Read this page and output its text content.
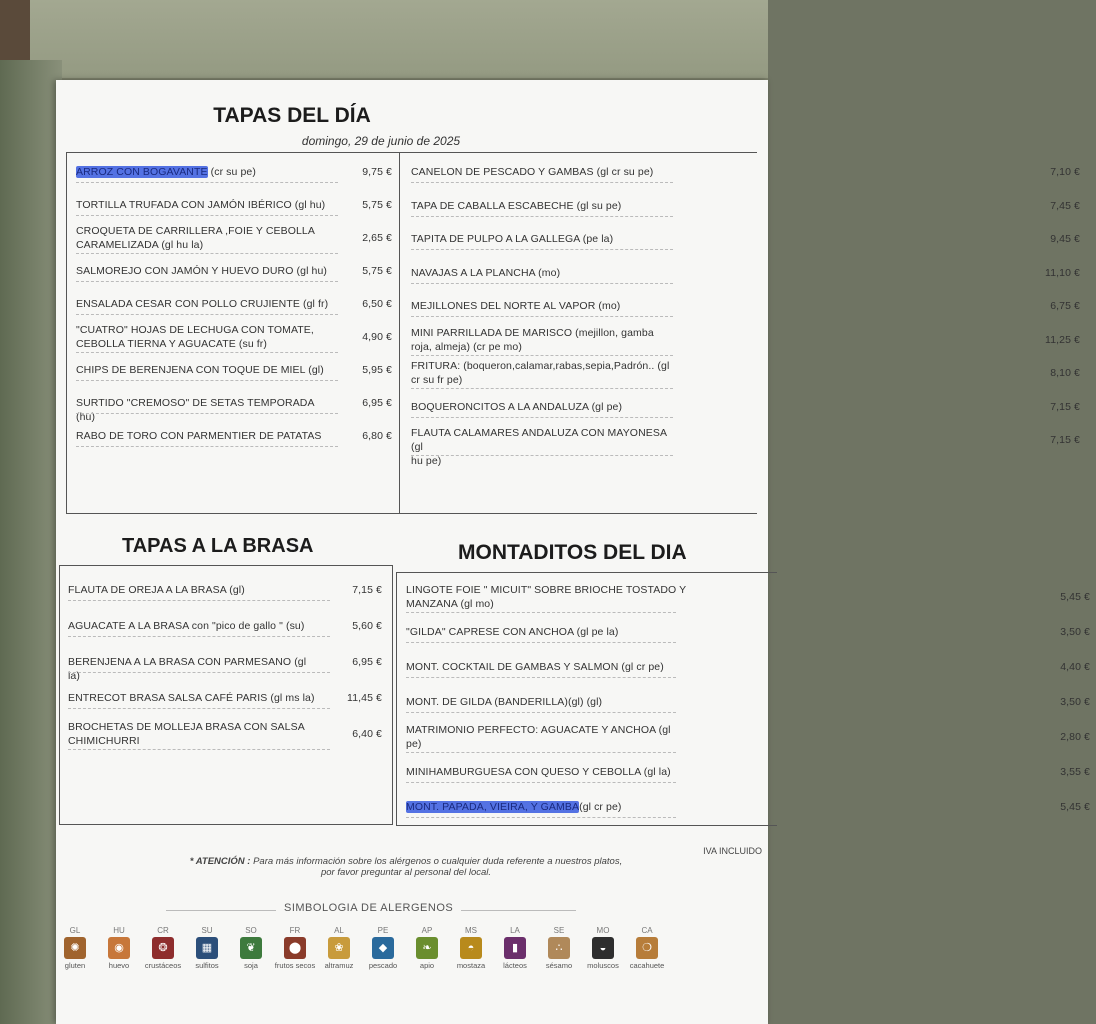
TAPAS DEL DÍA
domingo, 29 de junio de 2025
TAPAS A LA BRASA	MONTADITOS DEL DIA
IVA INCLUIDO
* ATENCIÓN : Para más información sobre los alérgenos o cualquier duda referente a nuestros platos,
por favor preguntar al personal del local.
SIMBOLOGIA DE ALERGENOS
GL
✺
gluten
HU
◉
huevo
CR
❂
crustáceos
SU
▦
sulfitos
SO
❦
soja
FR
⬤
frutos secos
AL
❀
altramuz
PE
◆
pescado
AP
❧
apio
MS
◓
mostaza
LA
▮
lácteos
SE
∴
sésamo
MO
◒
moluscos
CA
❍
cacahuete
ARROZ CON BOGAVANTE (cr su pe)	9,75 €
TORTILLA TRUFADA CON JAMÓN IBÉRICO (gl hu)	5,75 €
CROQUETA DE CARRILLERA ,FOIE Y CEBOLLA
CARAMELIZADA (gl hu la)
2,65 €
SALMOREJO CON JAMÓN Y HUEVO DURO (gl hu)	5,75 €
ENSALADA CESAR CON POLLO CRUJIENTE (gl fr)	6,50 €
"CUATRO" HOJAS DE LECHUGA CON TOMATE,
CEBOLLA TIERNA Y AGUACATE (su fr)
4,90 €
CHIPS DE BERENJENA CON TOQUE DE MIEL (gl)	5,95 €
SURTIDO "CREMOSO" DE SETAS TEMPORADA (hu)
6,95 €
RABO DE TORO CON PARMENTIER DE PATATAS	6,80 €
CANELON DE PESCADO Y GAMBAS (gl cr su pe)	7,10 €
TAPA DE CABALLA ESCABECHE (gl su pe)	7,45 €
TAPITA DE PULPO A LA GALLEGA (pe la)	9,45 €
NAVAJAS A LA PLANCHA (mo)	11,10 €
MEJILLONES DEL NORTE AL VAPOR (mo)	6,75 €
MINI PARRILLADA DE MARISCO (mejillon, gamba
roja, almeja) (cr pe mo)
11,25 €
FRITURA: (boqueron,calamar,rabas,sepia,Padrón.. (gl
cr su fr pe)
8,10 €
BOQUERONCITOS A LA ANDALUZA (gl pe)	7,15 €
FLAUTA CALAMARES ANDALUZA CON MAYONESA (gl
hu pe)
7,15 €
FLAUTA DE OREJA A LA BRASA (gl)	7,15 €
AGUACATE A LA BRASA con "pico de gallo " (su)	5,60 €
BERENJENA A LA BRASA CON PARMESANO (gl la)
6,95 €
ENTRECOT BRASA SALSA CAFÉ PARIS (gl ms la)	11,45 €
BROCHETAS DE MOLLEJA BRASA CON SALSA
CHIMICHURRI
6,40 €
LINGOTE FOIE " MICUIT" SOBRE BRIOCHE TOSTADO Y
MANZANA (gl mo)
5,45 €
"GILDA" CAPRESE CON ANCHOA (gl pe la)	3,50 €
MONT. COCKTAIL DE GAMBAS Y SALMON (gl cr pe)	4,40 €
MONT. DE GILDA (BANDERILLA)(gl) (gl)	3,50 €
MATRIMONIO PERFECTO: AGUACATE Y ANCHOA (gl
pe)
2,80 €
MINIHAMBURGUESA CON QUESO Y CEBOLLA (gl la)	3,55 €
MONT. PAPADA, VIEIRA, Y GAMBA(gl cr pe)	5,45 €
